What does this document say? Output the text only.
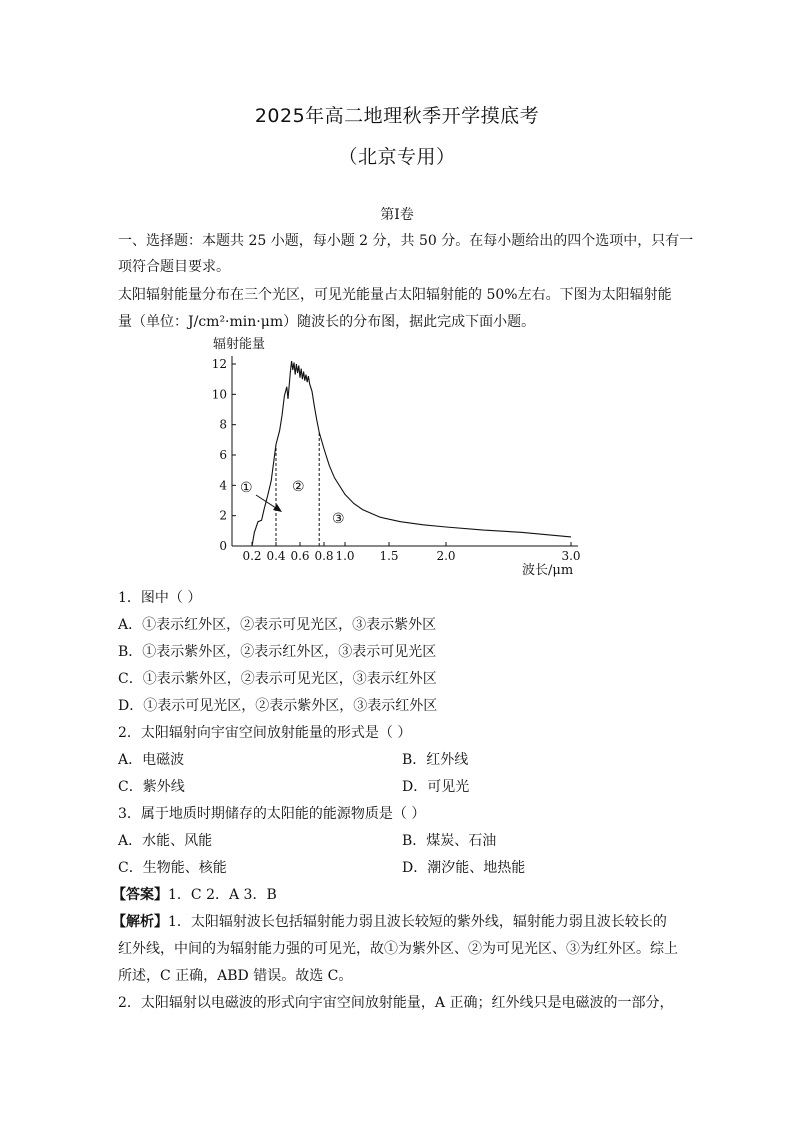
2025年高二地理秋季开学摸底考
（北京专用）
第I卷
一、选择题：本题共 25 小题，每小题 2 分，共 50 分。在每小题给出的四个选项中，只有一
项符合题目要求。
太阳辐射能量分布在三个光区，可见光能量占太阳辐射能的 50%左右。下图为太阳辐射能
量（单位：J/cm²·min·μm）随波长的分布图，据此完成下面小题。
辐射能量
波长/μm
0
2
4
6
8
10
12
0.2 0.4 0.6 0.8 1.0 1.5	2.0	3.0
①	②
③
1．图中（ ）
A．①表示红外区，②表示可见光区，③表示紫外区
B．①表示紫外区，②表示红外区，③表示可见光区
C．①表示紫外区，②表示可见光区，③表示红外区
D．①表示可见光区，②表示紫外区，③表示红外区
2．太阳辐射向宇宙空间放射能量的形式是（ ）
A．电磁波	B．红外线
C．紫外线	D．可见光
3．属于地质时期储存的太阳能的能源物质是（ ）
A．水能、风能	B．煤炭、石油
C．生物能、核能	D．潮汐能、地热能
【答案】1．C 2．A 3．B
【解析】1．太阳辐射波长包括辐射能力弱且波长较短的紫外线，辐射能力弱且波长较长的
红外线，中间的为辐射能力强的可见光，故①为紫外区、②为可见光区、③为红外区。综上
所述，C 正确，ABD 错误。故选 C。
2．太阳辐射以电磁波的形式向宇宙空间放射能量，A 正确；红外线只是电磁波的一部分，
